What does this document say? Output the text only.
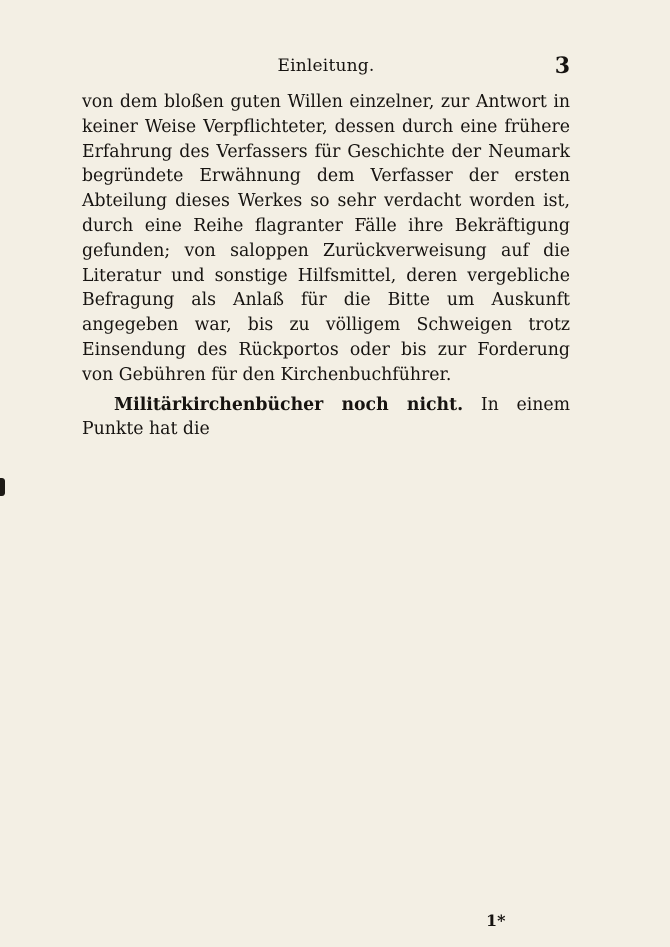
Einleitung.	3

von dem bloßen guten Willen einzelner, zur Antwort in keiner Weise Verpflichteter, dessen durch eine frühere Erfahrung des Verfassers für Geschichte der Neumark begründete Erwähnung dem Verfasser der ersten Abteilung dieses Werkes so sehr verdacht worden ist, durch eine Reihe flagranter Fälle ihre Bekräftigung gefunden; von saloppen Zurückverweisung auf die Literatur und sonstige Hilfsmittel, deren vergebliche Befragung als Anlaß für die Bitte um Auskunft angegeben war, bis zu völligem Schweigen trotz Einsendung des Rückportos oder bis zur Forderung von Gebühren für den Kirchenbuchführer.

Militärkirchenbücher noch nicht. In einem Punkte hat die

1*
